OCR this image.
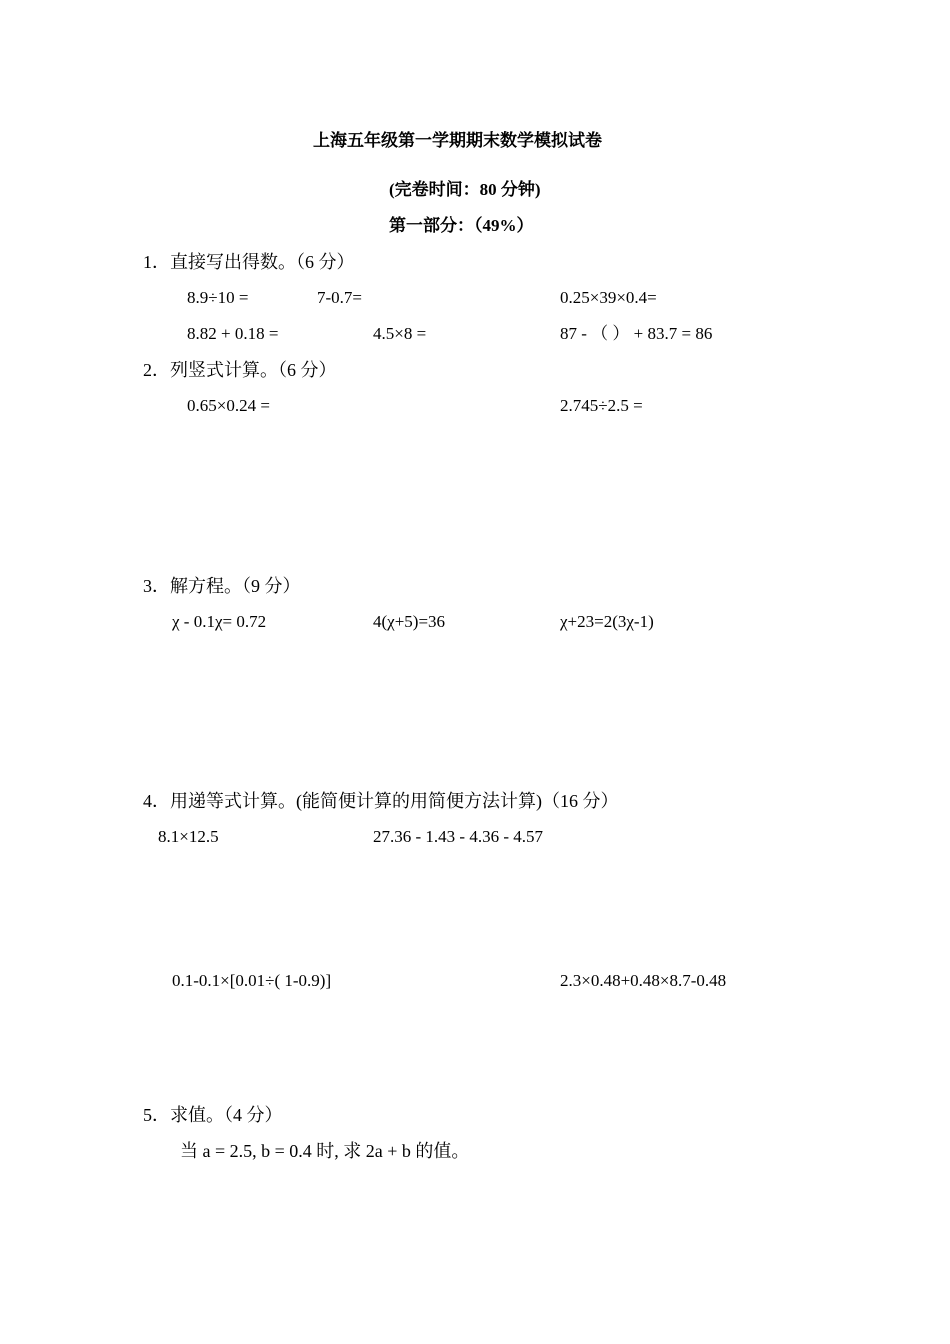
上海五年级第一学期期末数学模拟试卷
(完卷时间：80 分钟)
第一部分：（49%）
1．直接写出得数。（6 分）
8.9÷10 =	7-0.7=	0.25×39×0.4=
8.82 + 0.18 =	4.5×8 =	87 - （ ） + 83.7 = 86
2．列竖式计算。（6 分）
0.65×0.24 =	2.745÷2.5 =
3．解方程。（9 分）
χ - 0.1χ= 0.72	4(χ+5)=36	χ+23=2(3χ-1)
4．用递等式计算。(能简便计算的用简便方法计算)（16 分）
8.1×12.5	27.36 - 1.43 - 4.36 - 4.57
0.1-0.1×[0.01÷( 1-0.9)]	2.3×0.48+0.48×8.7-0.48
5．求值。（4 分）
当 a = 2.5, b = 0.4 时, 求 2a + b 的值。
